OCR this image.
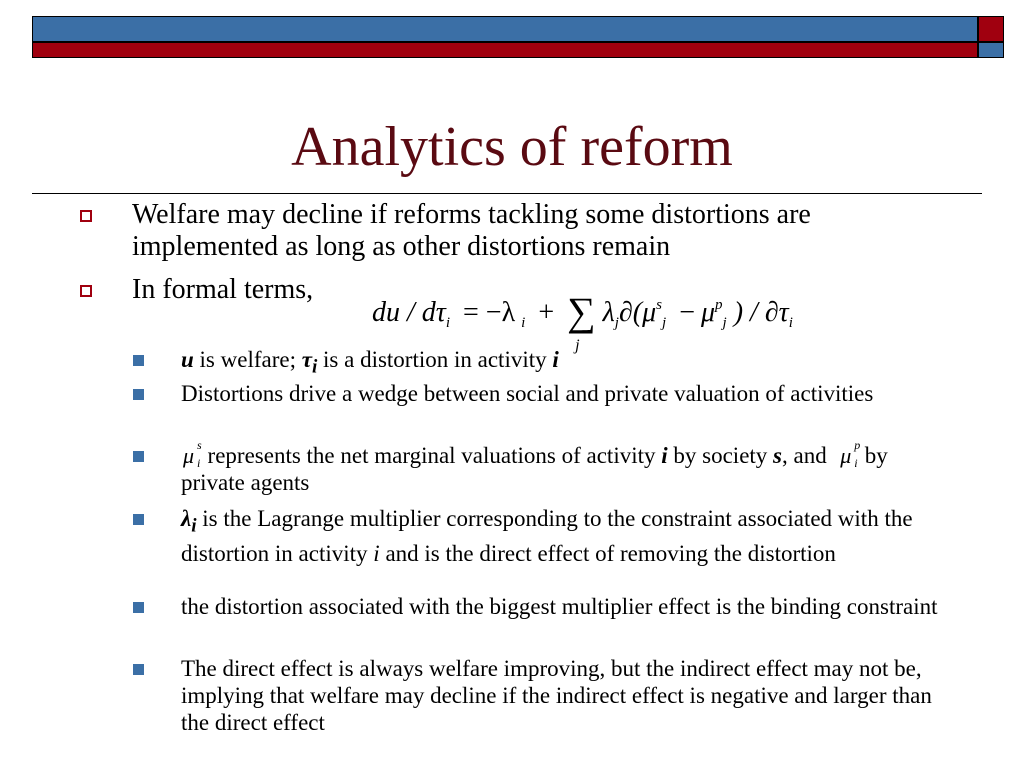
Analytics of reform
Welfare may decline if reforms tackling some distortions are implemented as long as other distortions remain
In formal terms,
du / $d\tau_i = -\lambda$ $_i$ + ∑
j
$\lambda_j\partial(\mu^s_j - \mu^p_j$ ) / $\partial\tau_i$
u is welfare; $\tau_i$ is a distortion in activity i
Distortions drive a wedge between social and private valuation of activities
μ s
i represents the net marginal valuations of activity i by society s, and  μ p
i by private agents
$\lambda_i$ is the Lagrange multiplier corresponding to the constraint associated with the distortion in activity i and is the direct effect of removing the distortion
the distortion associated with the biggest multiplier effect is the binding constraint
The direct effect is always welfare improving, but the indirect effect may not be, implying that welfare may decline if the indirect effect is negative and larger than the direct effect
